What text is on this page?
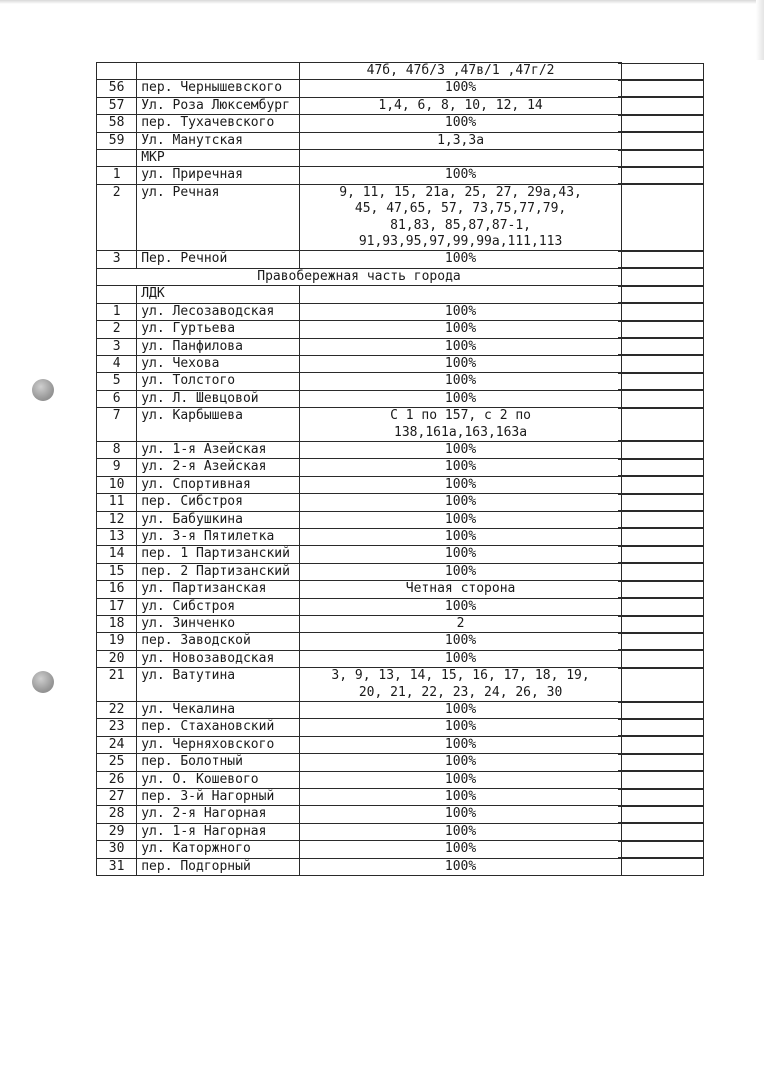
		47б, 47б/3 ,47в/1 ,47г/2
56	пер. Чернышевского	100%
57	Ул. Роза Люксембург	1,4, 6, 8, 10, 12, 14
58	пер. Тухачевского	100%
59	Ул. Манутская	1,3,3а
	МКР	
1	ул. Приречная	100%
2	ул. Речная	9, 11, 15, 21а, 25, 27, 29а,43,
45, 47,65, 57, 73,75,77,79,
81,83, 85,87,87-1,
91,93,95,97,99,99а,111,113
3	Пер. Речной	100%
Правобережная часть города		
	ЛДК	
1	ул. Лесозаводская	100%
2	ул. Гуртьева	100%
3	ул. Панфилова	100%
4	ул. Чехова	100%
5	ул. Толстого	100%
6	ул. Л. Шевцовой	100%
7	ул. Карбышева	С 1 по 157, с 2 по
138,161а,163,163а
8	ул. 1-я Азейская	100%
9	ул. 2-я Азейская	100%
10	ул. Спортивная	100%
11	пер. Сибстроя	100%
12	ул. Бабушкина	100%
13	ул. 3-я Пятилетка	100%
14	пер. 1 Партизанский	100%
15	пер. 2 Партизанский	100%
16	ул. Партизанская	Четная сторона
17	ул. Сибстроя	100%
18	ул. Зинченко	2
19	пер. Заводской	100%
20	ул. Новозаводская	100%
21	ул. Ватутина	3, 9, 13, 14, 15, 16, 17, 18, 19,
20, 21, 22, 23, 24, 26, 30
22	ул. Чекалина	100%
23	пер. Стахановский	100%
24	ул. Черняховского	100%
25	пер. Болотный	100%
26	ул. О. Кошевого	100%
27	пер. 3-й Нагорный	100%
28	ул. 2-я Нагорная	100%
29	ул. 1-я Нагорная	100%
30	ул. Каторжного	100%
31	пер. Подгорный	100%
